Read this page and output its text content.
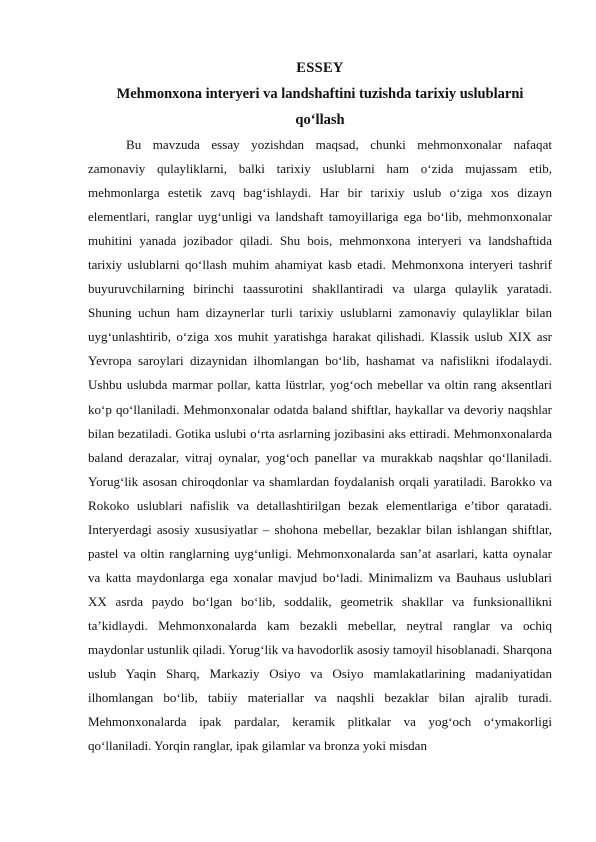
ESSEY

Mehmonxona interyeri va landshaftini tuzishda tarixiy uslublarni

qo‘llash

Bu mavzuda essay yozishdan maqsad, chunki mehmonxonalar nafaqat zamonaviy qulayliklarni, balki tarixiy uslublarni ham o‘zida mujassam etib, mehmonlarga estetik zavq bag‘ishlaydi. Har bir tarixiy uslub o‘ziga xos dizayn elementlari, ranglar uyg‘unligi va landshaft tamoyillariga ega bo‘lib, mehmonxonalar muhitini yanada jozibador qiladi. Shu bois, mehmonxona interyeri va landshaftida tarixiy uslublarni qo‘llash muhim ahamiyat kasb etadi. Mehmonxona interyeri tashrif buyuruvchilarning birinchi taassurotini shakllantiradi va ularga qulaylik yaratadi. Shuning uchun ham dizaynerlar turli tarixiy uslublarni zamonaviy qulayliklar bilan uyg‘unlashtirib, o‘ziga xos muhit yaratishga harakat qilishadi. Klassik uslub XIX asr Yevropa saroylari dizaynidan ilhomlangan bo‘lib, hashamat va nafislikni ifodalaydi. Ushbu uslubda marmar pollar, katta lüstrlar, yog‘och mebellar va oltin rang aksentlari ko‘p qo‘llaniladi. Mehmonxonalar odatda baland shiftlar, haykallar va devoriy naqshlar bilan bezatiladi. Gotika uslubi o‘rta asrlarning jozibasini aks ettiradi. Mehmonxonalarda baland derazalar, vitraj oynalar, yog‘och panellar va murakkab naqshlar qo‘llaniladi. Yorug‘lik asosan chiroqdonlar va shamlardan foydalanish orqali yaratiladi. Barokko va Rokoko uslublari nafislik va detallashtirilgan bezak elementlariga e’tibor qaratadi. Interyerdagi asosiy xususiyatlar – shohona mebellar, bezaklar bilan ishlangan shiftlar, pastel va oltin ranglarning uyg‘unligi. Mehmonxonalarda san’at asarlari, katta oynalar va katta maydonlarga ega xonalar mavjud bo‘ladi. Minimalizm va Bauhaus uslublari XX asrda paydo bo‘lgan bo‘lib, soddalik, geometrik shakllar va funksionallikni ta’kidlaydi. Mehmonxonalarda kam bezakli mebellar, neytral ranglar va ochiq maydonlar ustunlik qiladi. Yorug‘lik va havodorlik asosiy tamoyil hisoblanadi. Sharqona uslub Yaqin Sharq, Markaziy Osiyo va Osiyo mamlakatlarining madaniyatidan ilhomlangan bo‘lib, tabiiy materiallar va naqshli bezaklar bilan ajralib turadi. Mehmonxonalarda ipak pardalar, keramik plitkalar va yog‘och o‘ymakorligi qo‘llaniladi. Yorqin ranglar, ipak gilamlar va bronza yoki misdan
